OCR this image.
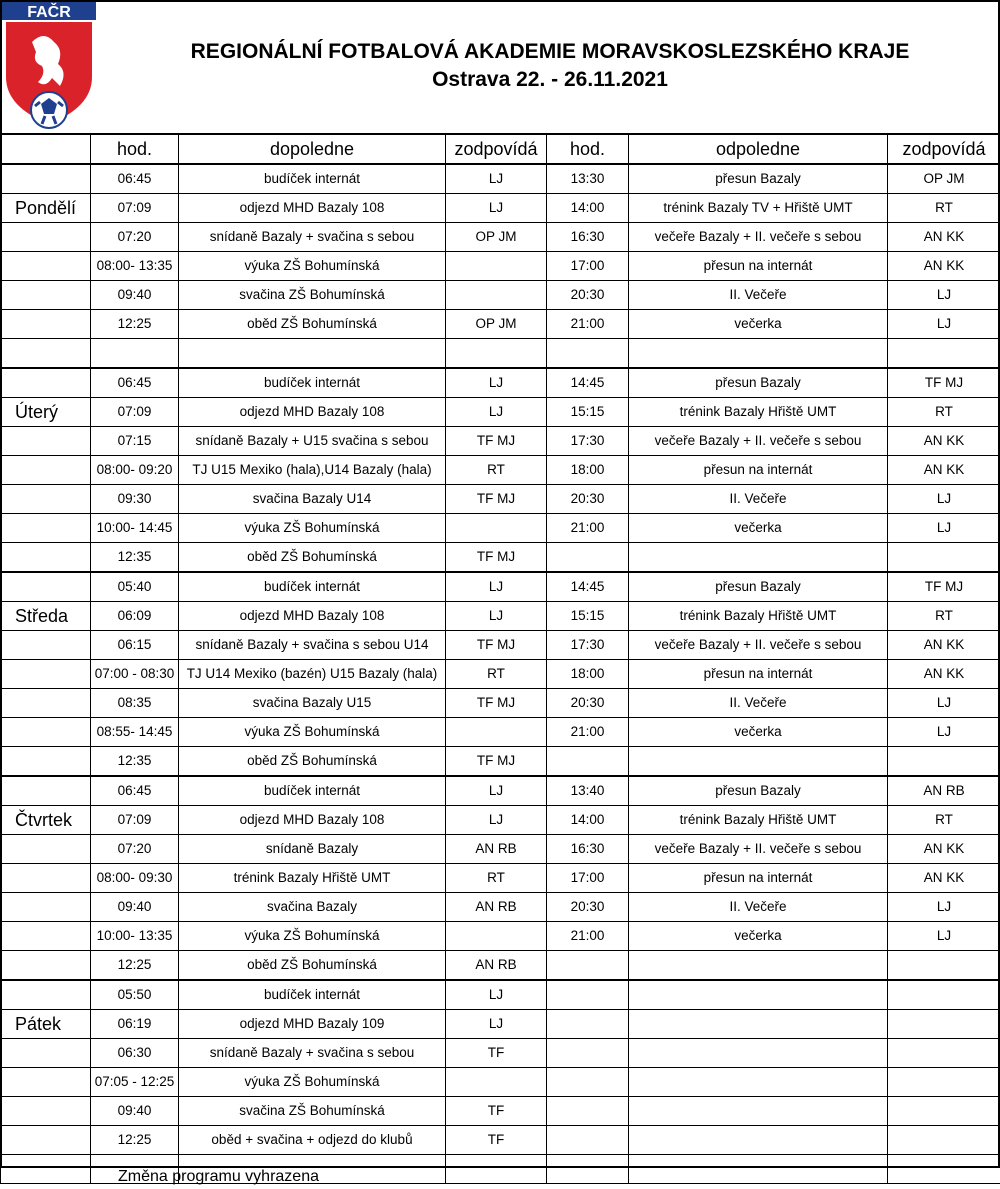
FAČR
REGIONÁLNÍ FOTBALOVÁ AKADEMIE MORAVSKOSLEZSKÉHO KRAJE
Ostrava 22. - 26.11.2021
	hod.	dopoledne	zodpovídá	hod.	odpoledne	zodpovídá
	06:45	budíček internát	LJ	13:30	přesun Bazaly	OP JM
Pondělí	07:09	odjezd MHD Bazaly 108	LJ	14:00	trénink Bazaly TV + Hřiště UMT	RT
	07:20	snídaně Bazaly + svačina s sebou	OP JM	16:30	večeře Bazaly + II. večeře s sebou	AN KK
	08:00- 13:35	výuka ZŠ Bohumínská		17:00	přesun na internát	AN KK
	09:40	svačina ZŠ Bohumínská		20:30	II. Večeře	LJ
	12:25	oběd ZŠ Bohumínská	OP JM	21:00	večerka	LJ

	06:45	budíček internát	LJ	14:45	přesun Bazaly	TF MJ
Úterý	07:09	odjezd MHD Bazaly 108	LJ	15:15	trénink Bazaly Hřiště UMT	RT
	07:15	snídaně Bazaly + U15 svačina s sebou	TF MJ	17:30	večeře Bazaly + II. večeře s sebou	AN KK
	08:00- 09:20	TJ U15 Mexiko (hala),U14 Bazaly (hala)	RT	18:00	přesun na internát	AN KK
	09:30	svačina Bazaly U14	TF MJ	20:30	II. Večeře	LJ
	10:00- 14:45	výuka ZŠ Bohumínská		21:00	večerka	LJ
	12:35	oběd ZŠ Bohumínská	TF MJ			
	05:40	budíček internát	LJ	14:45	přesun Bazaly	TF MJ
Středa	06:09	odjezd MHD Bazaly 108	LJ	15:15	trénink Bazaly Hřiště UMT	RT
	06:15	snídaně Bazaly + svačina s sebou U14	TF MJ	17:30	večeře Bazaly + II. večeře s sebou	AN KK
	07:00 - 08:30	TJ U14 Mexiko (bazén) U15 Bazaly (hala)	RT	18:00	přesun na internát	AN KK
	08:35	svačina Bazaly U15	TF MJ	20:30	II. Večeře	LJ
	08:55- 14:45	výuka ZŠ Bohumínská		21:00	večerka	LJ
	12:35	oběd ZŠ Bohumínská	TF MJ			
	06:45	budíček internát	LJ	13:40	přesun Bazaly	AN RB
Čtvrtek	07:09	odjezd MHD Bazaly 108	LJ	14:00	trénink Bazaly Hřiště UMT	RT
	07:20	snídaně Bazaly	AN RB	16:30	večeře Bazaly + II. večeře s sebou	AN KK
	08:00- 09:30	trénink Bazaly Hřiště UMT	RT	17:00	přesun na internát	AN KK
	09:40	svačina Bazaly	AN RB	20:30	II. Večeře	LJ
	10:00- 13:35	výuka ZŠ Bohumínská		21:00	večerka	LJ
	12:25	oběd ZŠ Bohumínská	AN RB			
	05:50	budíček internát	LJ			
Pátek	06:19	odjezd MHD Bazaly 109	LJ			
	06:30	snídaně Bazaly + svačina s sebou	TF			
	07:05 - 12:25	výuka ZŠ Bohumínská				
	09:40	svačina ZŠ Bohumínská	TF			
	12:25	oběd + svačina + odjezd do klubů	TF			

Změna programu vyhrazena
